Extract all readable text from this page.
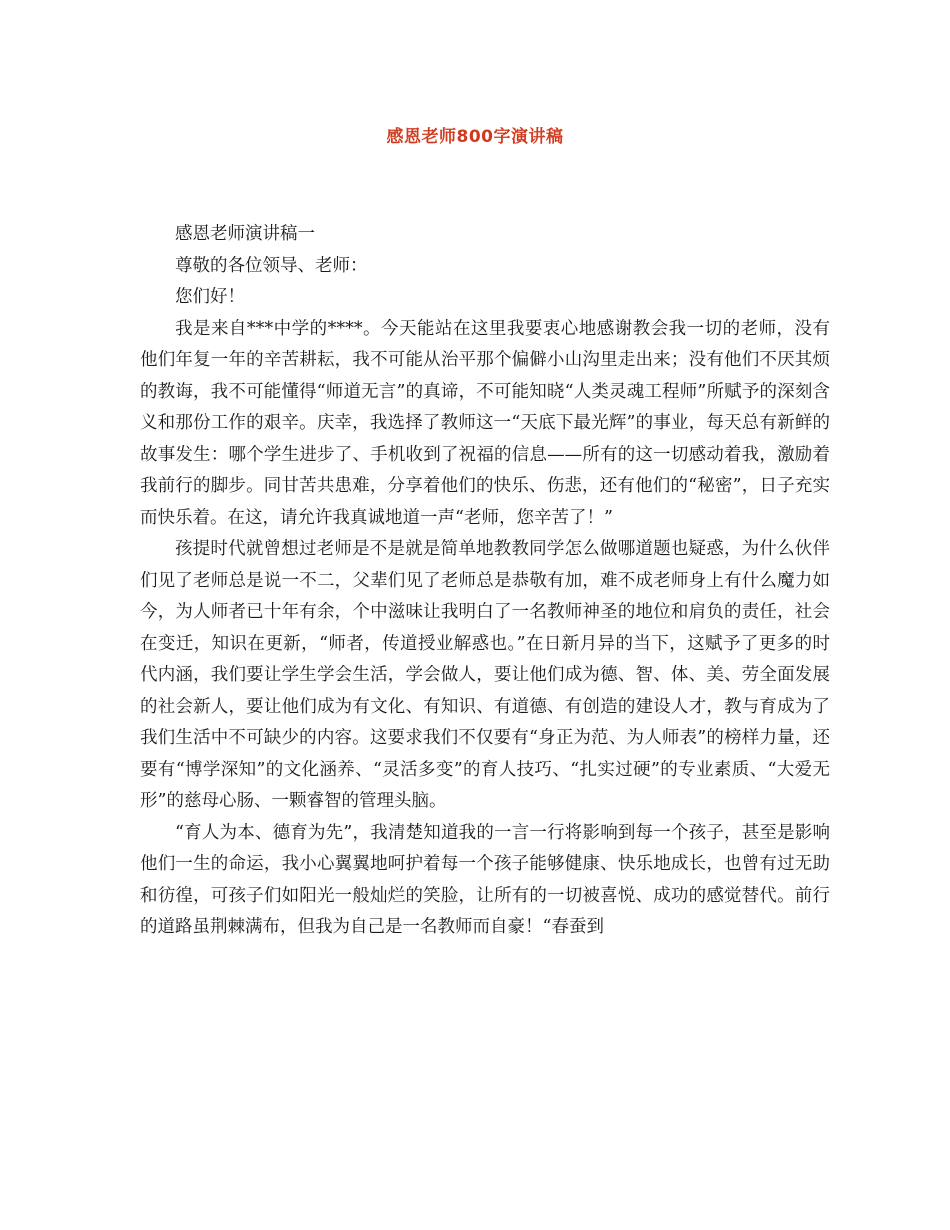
感恩老师800字演讲稿

感恩老师演讲稿一

尊敬的各位领导、老师：

您们好！

我是来自***中学的****。今天能站在这里我要衷心地感谢教会我一切的老师，没有他们年复一年的辛苦耕耘，我不可能从治平那个偏僻小山沟里走出来；没有他们不厌其烦的教诲，我不可能懂得“师道无言”的真谛，不可能知晓“人类灵魂工程师”所赋予的深刻含义和那份工作的艰辛。庆幸，我选择了教师这一“天底下最光辉”的事业，每天总有新鲜的故事发生：哪个学生进步了、手机收到了祝福的信息——所有的这一切感动着我，激励着我前行的脚步。同甘苦共患难，分享着他们的快乐、伤悲，还有他们的“秘密”，日子充实而快乐着。在这，请允许我真诚地道一声“老师，您辛苦了！”

孩提时代就曾想过老师是不是就是简单地教教同学怎么做哪道题也疑惑，为什么伙伴们见了老师总是说一不二，父辈们见了老师总是恭敬有加，难不成老师身上有什么魔力如今，为人师者已十年有余，个中滋味让我明白了一名教师神圣的地位和肩负的责任，社会在变迁，知识在更新，“师者，传道授业解惑也。”在日新月异的当下，这赋予了更多的时代内涵，我们要让学生学会生活，学会做人，要让他们成为德、智、体、美、劳全面发展的社会新人，要让他们成为有文化、有知识、有道德、有创造的建设人才，教与育成为了我们生活中不可缺少的内容。这要求我们不仅要有“身正为范、为人师表”的榜样力量，还要有“博学深知”的文化涵养、“灵活多变”的育人技巧、“扎实过硬”的专业素质、“大爱无形”的慈母心肠、一颗睿智的管理头脑。

“育人为本、德育为先”，我清楚知道我的一言一行将影响到每一个孩子，甚至是影响他们一生的命运，我小心翼翼地呵护着每一个孩子能够健康、快乐地成长，也曾有过无助和彷徨，可孩子们如阳光一般灿烂的笑脸，让所有的一切被喜悦、成功的感觉替代。前行的道路虽荆棘满布，但我为自己是一名教师而自豪！“春蚕到
